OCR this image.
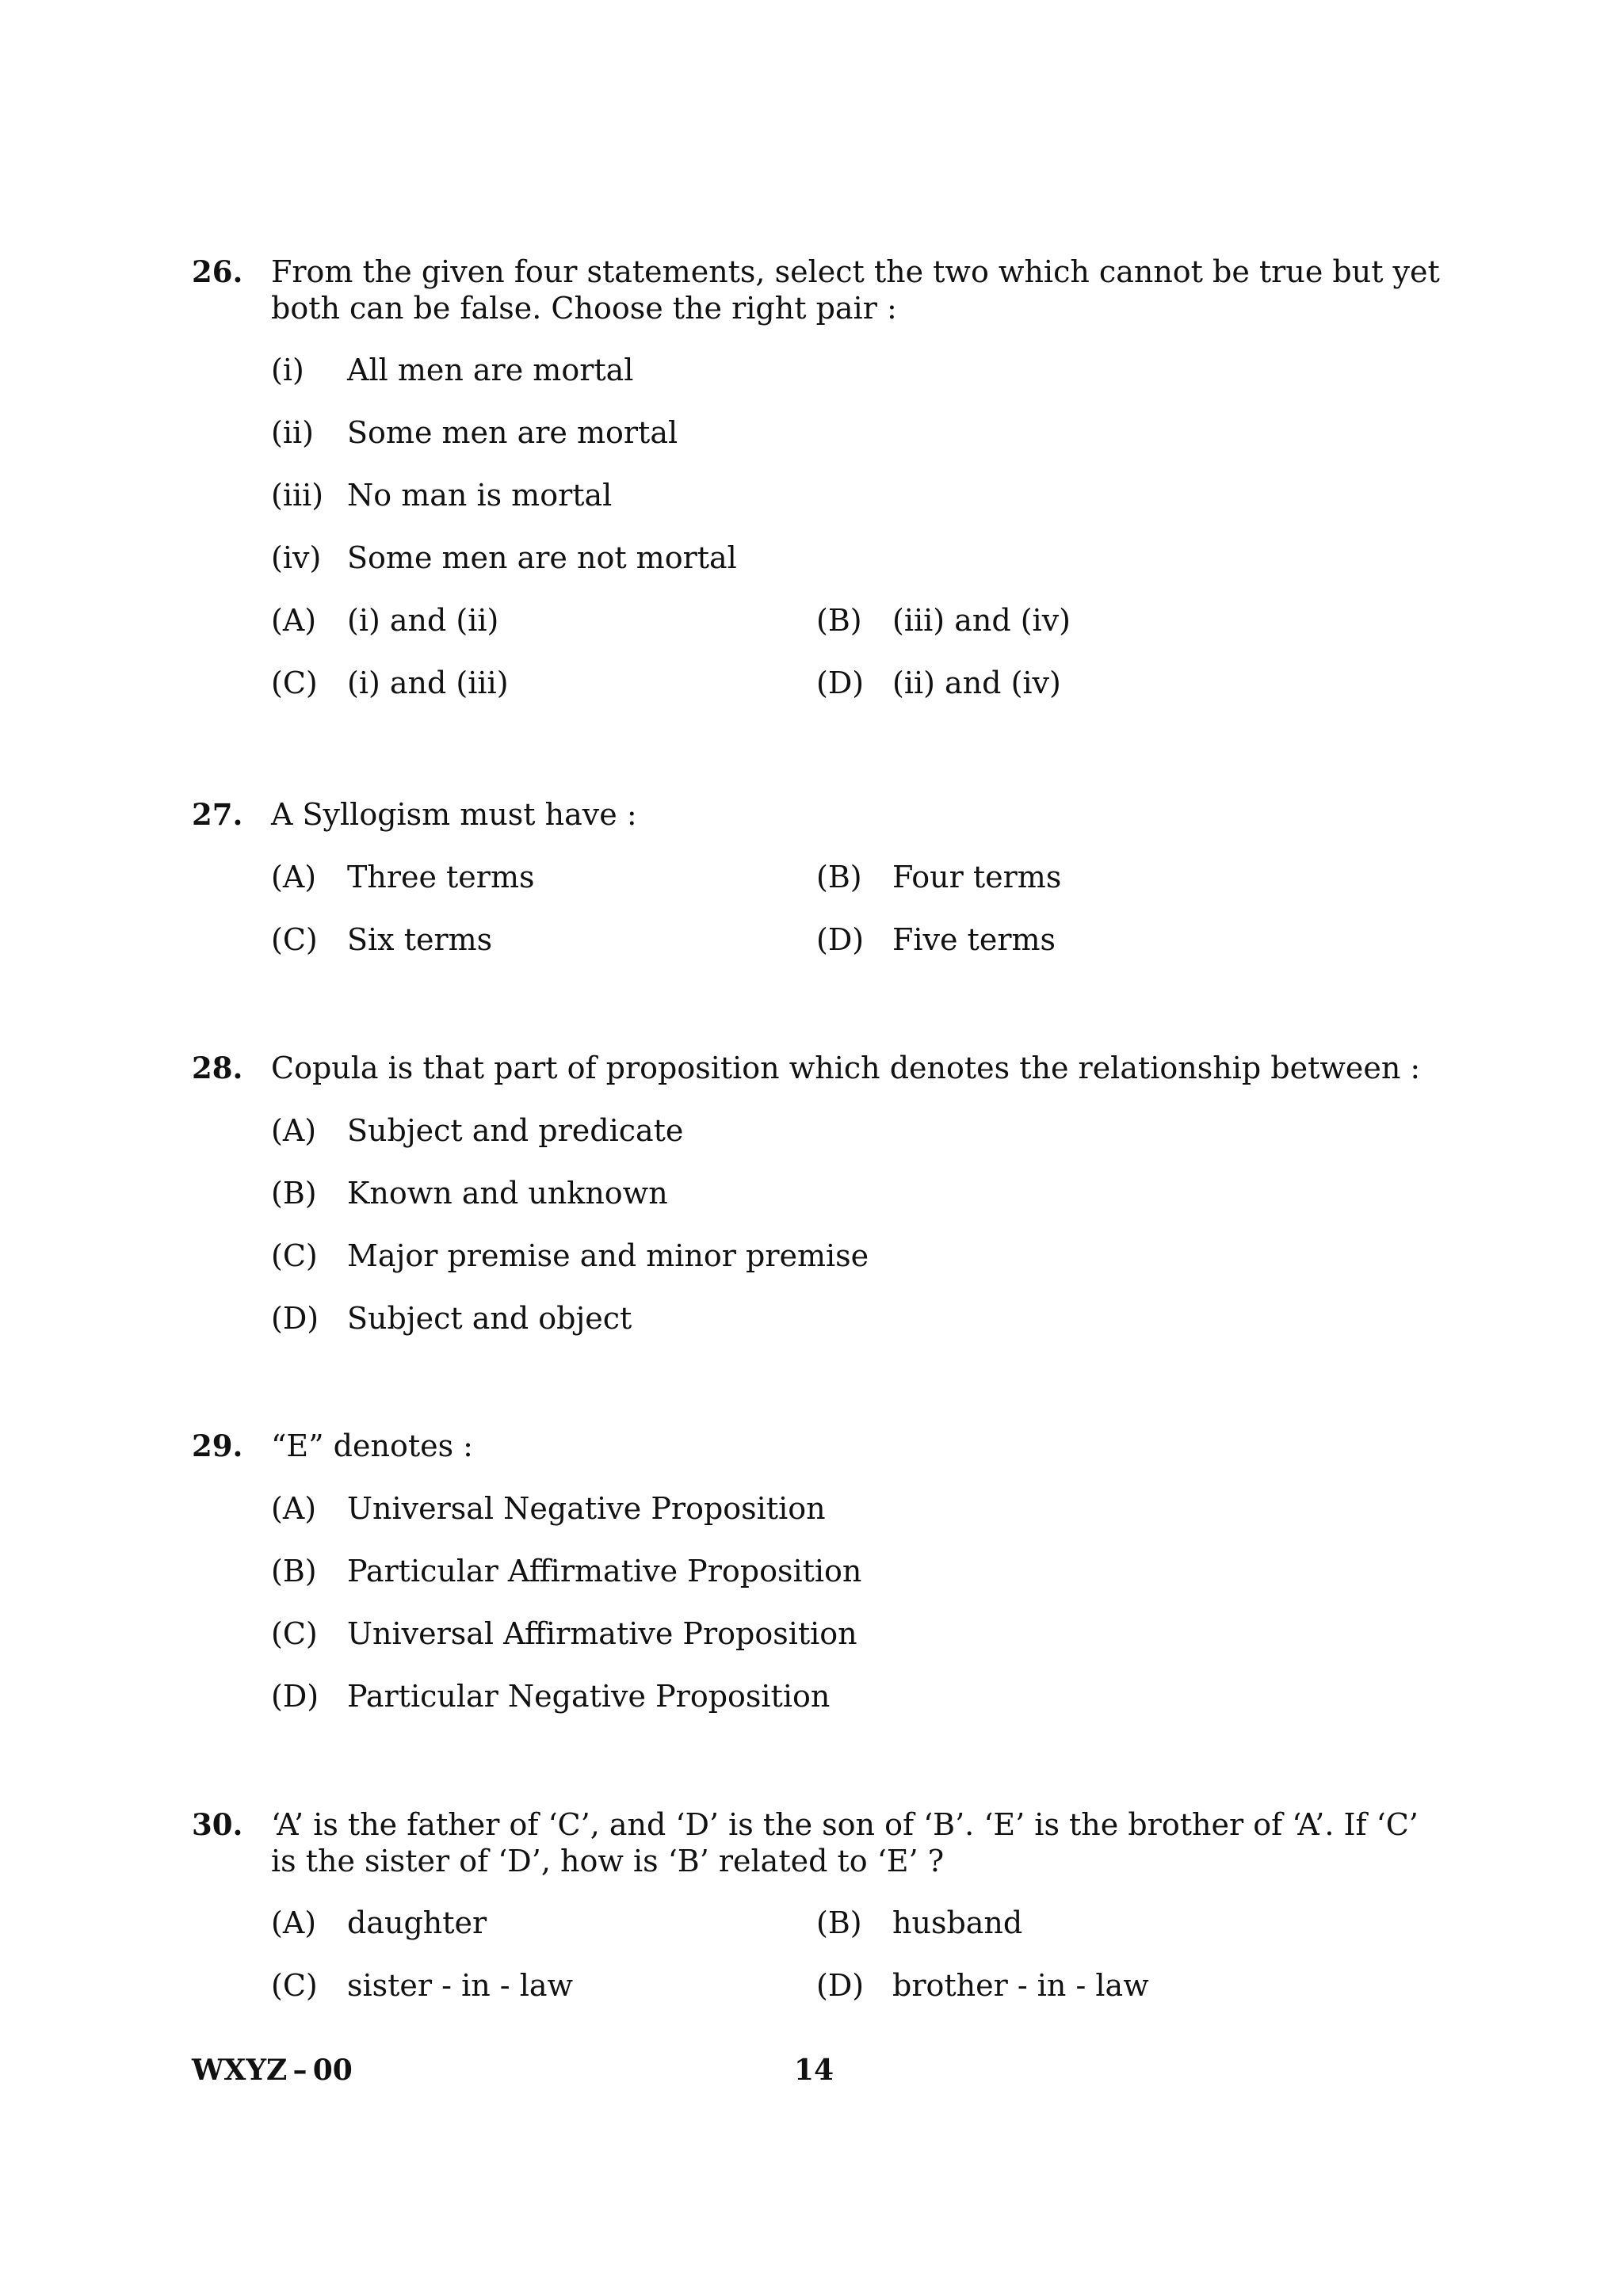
26. From the given four statements, select the two which cannot be true but yet both can be false. Choose the right pair :
(i) All men are mortal
(ii) Some men are mortal
(iii) No man is mortal
(iv) Some men are not mortal
(A) (i) and (ii)	(B) (iii) and (iv)
(C) (i) and (iii)	(D) (ii) and (iv)
27. A Syllogism must have :
(A) Three terms	(B) Four terms
(C) Six terms	(D) Five terms
28. Copula is that part of proposition which denotes the relationship between :
(A) Subject and predicate
(B) Known and unknown
(C) Major premise and minor premise
(D) Subject and object
29. “E” denotes :
(A) Universal Negative Proposition
(B) Particular Affirmative Proposition
(C) Universal Affirmative Proposition
(D) Particular Negative Proposition
30. ‘A’ is the father of ‘C’, and ‘D’ is the son of ‘B’. ‘E’ is the brother of ‘A’. If ‘C’ is the sister of ‘D’, how is ‘B’ related to ‘E’ ?
(A) daughter	(B) husband
(C) sister - in - law	(D) brother - in - law
WXYZ – 00	14
